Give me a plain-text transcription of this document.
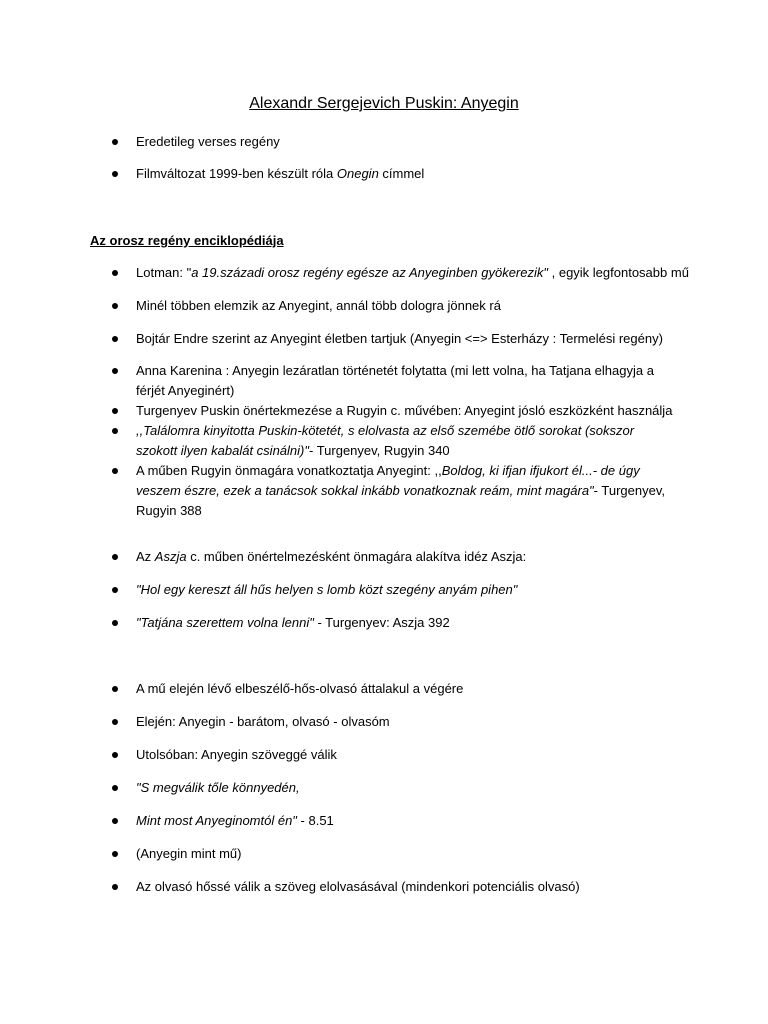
Alexandr Sergejevich Puskin: Anyegin
Eredetileg verses regény
Filmváltozat 1999-ben készült róla Onegin címmel
Az orosz regény enciklopédiája
Lotman: "a 19.századi orosz regény egésze az Anyeginben gyökerezik" , egyik legfontosabb mű
Minél többen elemzik az Anyegint, annál több dologra jönnek rá
Bojtár Endre szerint az Anyegint életben tartjuk (Anyegin <=> Esterházy : Termelési regény)
Anna Karenina : Anyegin lezáratlan történetét folytatta (mi lett volna, ha Tatjana elhagyja a férjét Anyeginért)
Turgenyev Puskin önértekmezése a Rugyin c. művében: Anyegint jósló eszközként használja
,,Találomra kinyitotta Puskin-kötetét, s elolvasta az első szemébe ötlő sorokat (sokszor szokott ilyen kabalát csinálni)"- Turgenyev, Rugyin 340
A műben Rugyin önmagára vonatkoztatja Anyegint: ,,Boldog, ki ifjan ifjukort él...- de úgy veszem észre, ezek a tanácsok sokkal inkább vonatkoznak reám, mint magára"- Turgenyev, Rugyin 388
Az Aszja c. műben önértelmezésként önmagára alakítva idéz Aszja:
"Hol egy kereszt áll hűs helyen s lomb közt szegény anyám pihen"
"Tatjána szerettem volna lenni" - Turgenyev: Aszja 392
A mű elején lévő elbeszélő-hős-olvasó áttalakul a végére
Elején: Anyegin - barátom, olvasó - olvasóm
Utolsóban: Anyegin szöveggé válik
"S megválik tőle könnyedén,
Mint most Anyeginomtól én" - 8.51
(Anyegin mint mű)
Az olvasó hőssé válik a szöveg elolvasásával (mindenkori potenciális olvasó)
